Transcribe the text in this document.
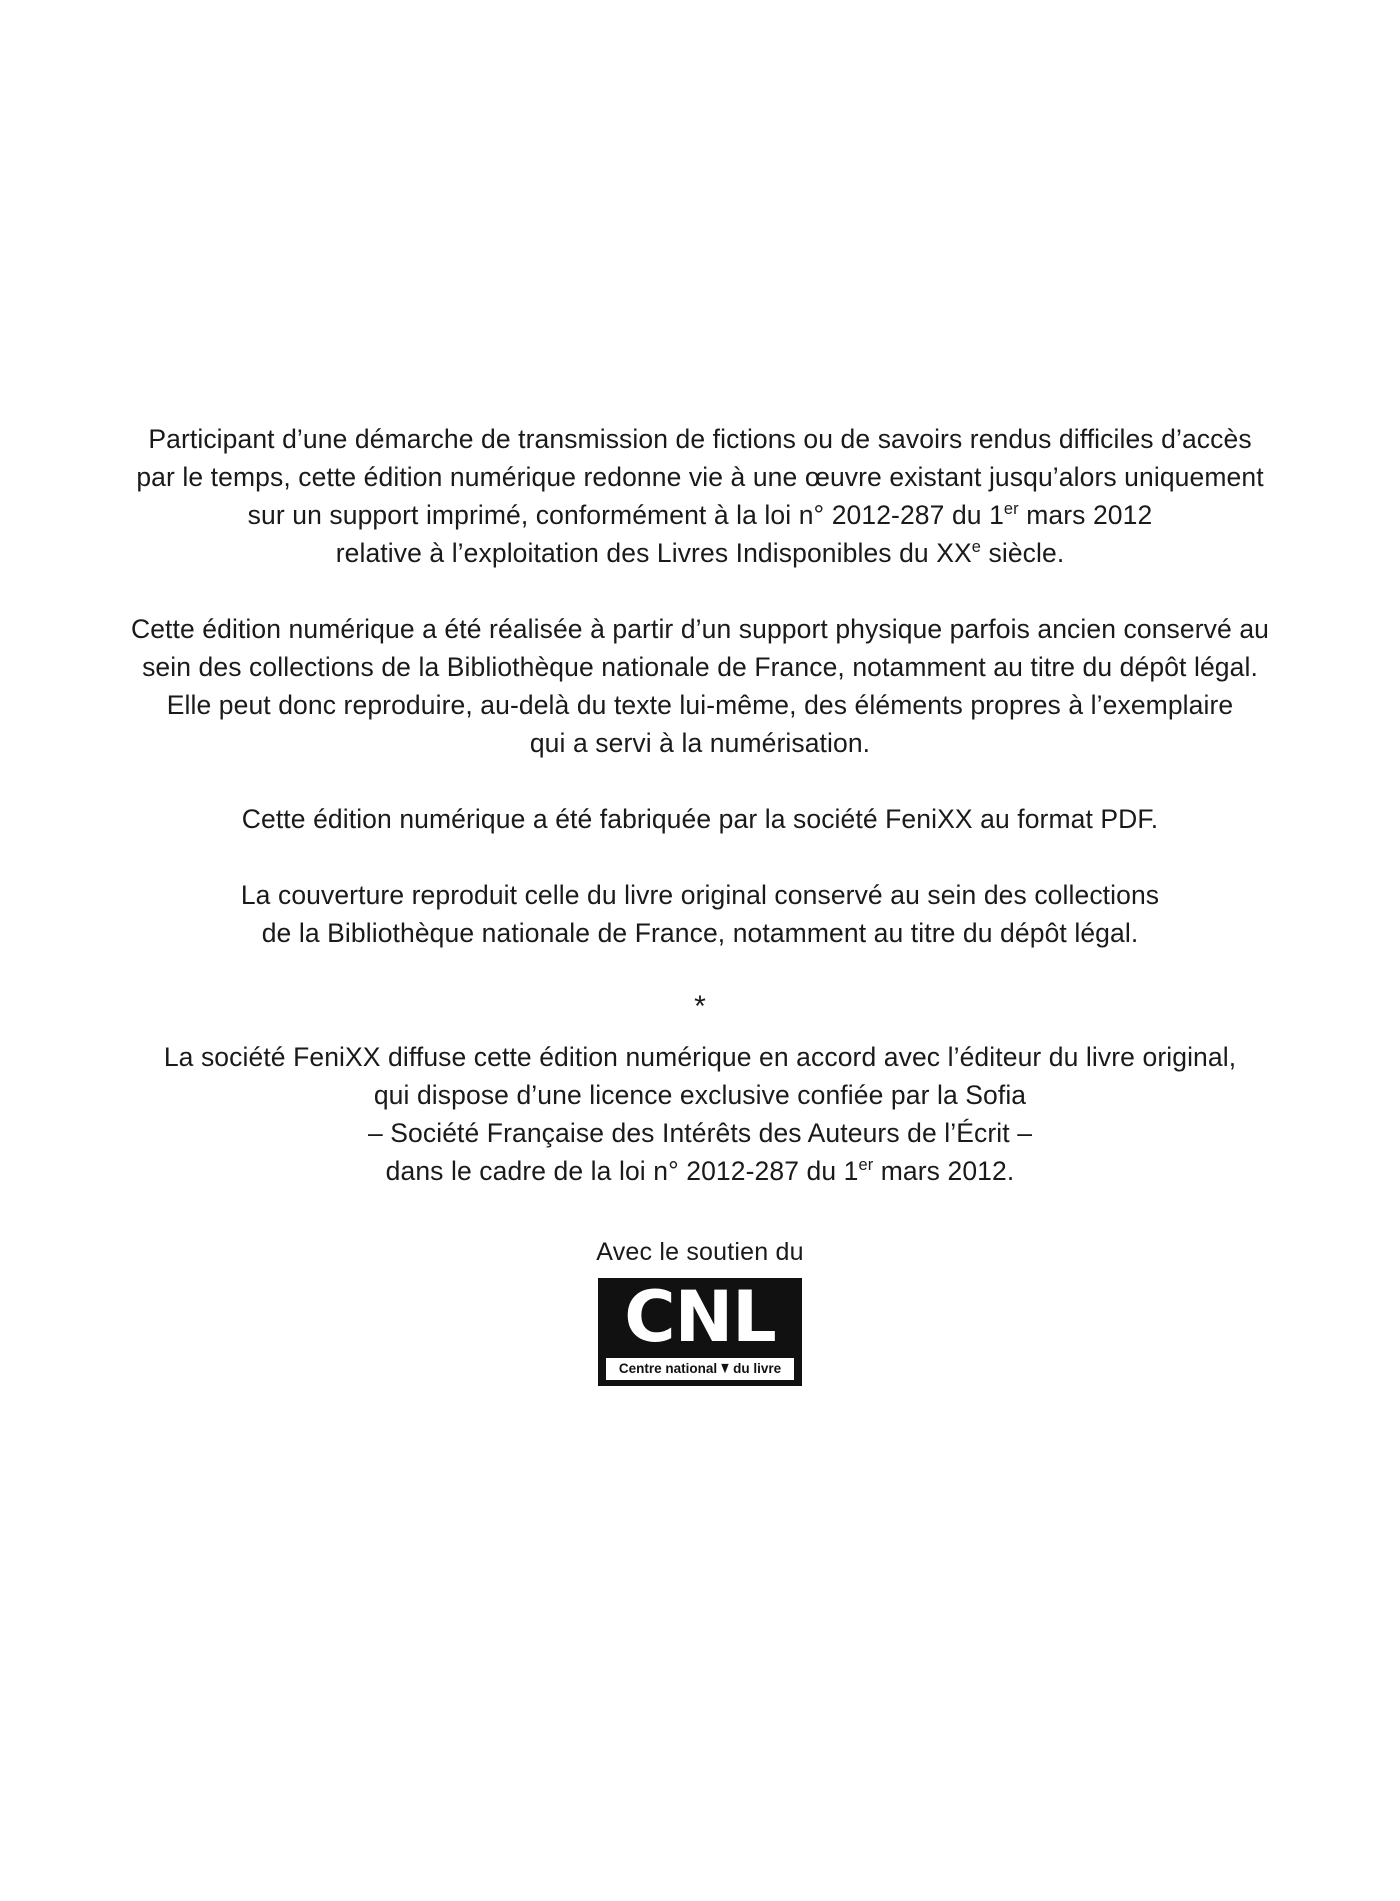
Participant d’une démarche de transmission de fictions ou de savoirs rendus difficiles d’accès
par le temps, cette édition numérique redonne vie à une œuvre existant jusqu’alors uniquement
sur un support imprimé, conformément à la loi n° 2012-287 du 1er mars 2012
relative à l’exploitation des Livres Indisponibles du XXe siècle.

Cette édition numérique a été réalisée à partir d’un support physique parfois ancien conservé au
sein des collections de la Bibliothèque nationale de France, notamment au titre du dépôt légal.
Elle peut donc reproduire, au-delà du texte lui-même, des éléments propres à l’exemplaire
qui a servi à la numérisation.

Cette édition numérique a été fabriquée par la société FeniXX au format PDF.

La couverture reproduit celle du livre original conservé au sein des collections
de la Bibliothèque nationale de France, notamment au titre du dépôt légal.

*

La société FeniXX diffuse cette édition numérique en accord avec l’éditeur du livre original,
qui dispose d’une licence exclusive confiée par la Sofia
– Société Française des Intérêts des Auteurs de l’Écrit –
dans le cadre de la loi n° 2012-287 du 1er mars 2012.

Avec le soutien du
CNL
Centre national ▼ du livre
